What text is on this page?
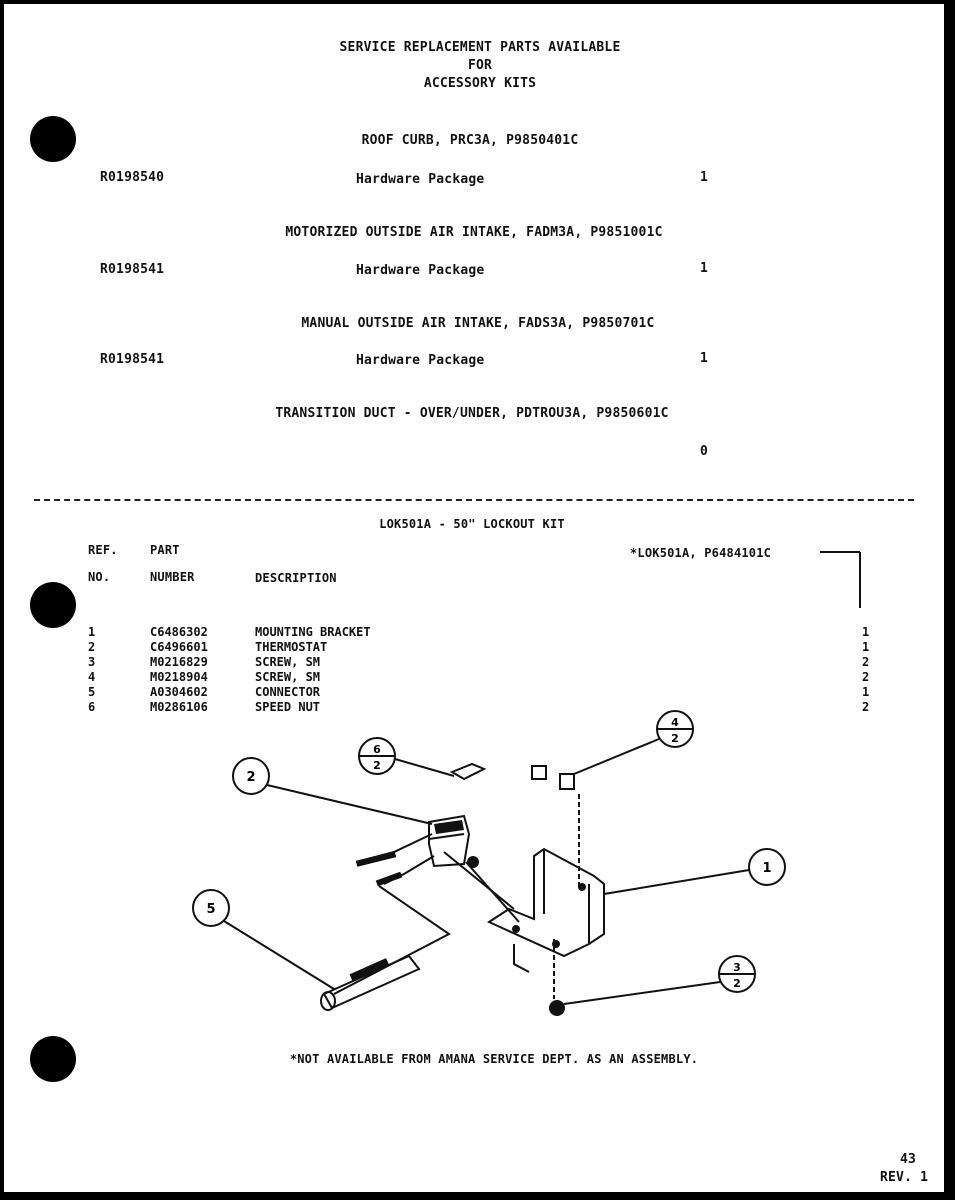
SERVICE REPLACEMENT PARTS AVAILABLE
FOR
ACCESSORY KITS
ROOF CURB, PRC3A, P9850401C
R0198540	Hardware Package	1
MOTORIZED OUTSIDE AIR INTAKE, FADM3A, P9851001C
R0198541	Hardware Package	1
MANUAL OUTSIDE AIR INTAKE, FADS3A, P9850701C
R0198541	Hardware Package	1
TRANSITION DUCT - OVER/UNDER, PDTROU3A, P9850601C
0
LOK501A - 50" LOCKOUT KIT
REF.
NO.
PART
NUMBER	DESCRIPTION
*LOK501A, P6484101C
1	C6486302	MOUNTING BRACKET	1
2	C6496601	THERMOSTAT	1
3	M0216829	SCREW, SM	2
4	M0218904	SCREW, SM	2
5	A0304602	CONNECTOR	1
6	M0286106	SPEED NUT	2
2
1
5
6
2
4
2
3
2
*NOT AVAILABLE FROM AMANA SERVICE DEPT. AS AN ASSEMBLY.
43
REV. 1
